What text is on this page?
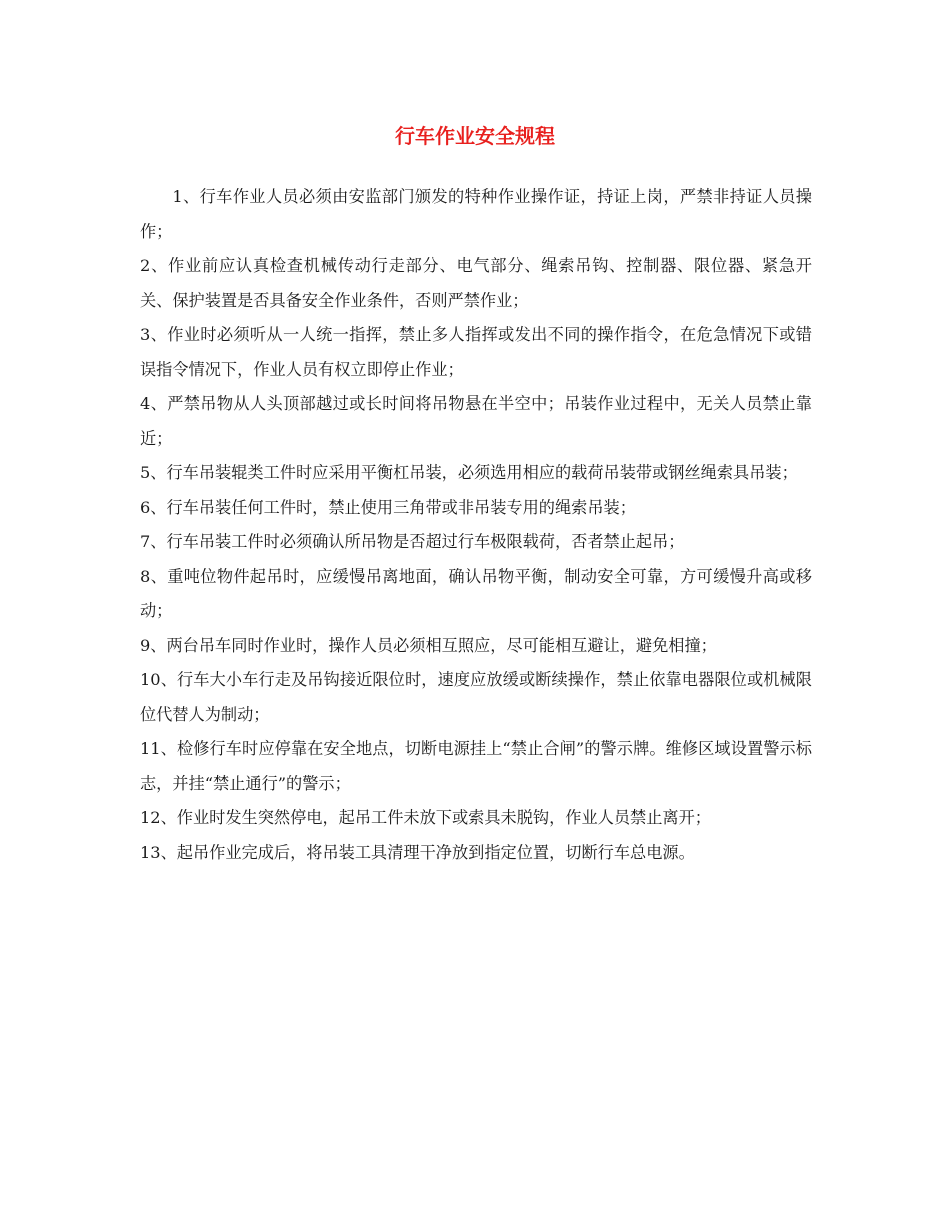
行车作业安全规程

1、行车作业人员必须由安监部门颁发的特种作业操作证，持证上岗，严禁非持证人员操作；

2、作业前应认真检查机械传动行走部分、电气部分、绳索吊钩、控制器、限位器、紧急开关、保护装置是否具备安全作业条件，否则严禁作业；

3、作业时必须听从一人统一指挥，禁止多人指挥或发出不同的操作指令，在危急情况下或错误指令情况下，作业人员有权立即停止作业；

4、严禁吊物从人头顶部越过或长时间将吊物悬在半空中；吊装作业过程中，无关人员禁止靠近；

5、行车吊装辊类工件时应采用平衡杠吊装，必须选用相应的载荷吊装带或钢丝绳索具吊装；

6、行车吊装任何工件时，禁止使用三角带或非吊装专用的绳索吊装；

7、行车吊装工件时必须确认所吊物是否超过行车极限载荷，否者禁止起吊；

8、重吨位物件起吊时，应缓慢吊离地面，确认吊物平衡，制动安全可靠，方可缓慢升高或移动；

9、两台吊车同时作业时，操作人员必须相互照应，尽可能相互避让，避免相撞；

10、行车大小车行走及吊钩接近限位时，速度应放缓或断续操作，禁止依靠电器限位或机械限位代替人为制动；

11、检修行车时应停靠在安全地点，切断电源挂上“禁止合闸”的警示牌。维修区域设置警示标志，并挂“禁止通行”的警示；

12、作业时发生突然停电，起吊工件未放下或索具未脱钩，作业人员禁止离开；

13、起吊作业完成后，将吊装工具清理干净放到指定位置，切断行车总电源。
